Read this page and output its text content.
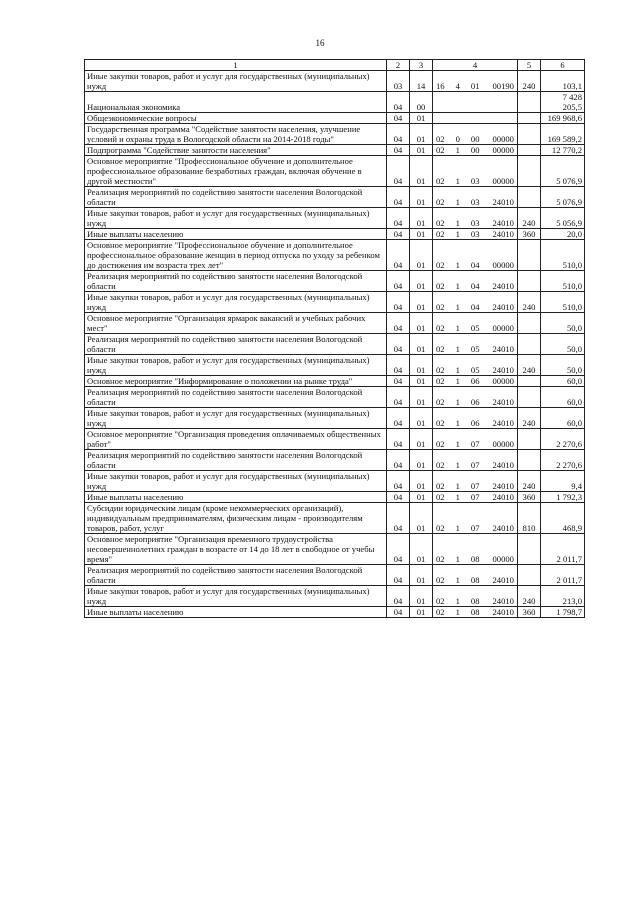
16
1	2	3	4	5	6
Иные закупки товаров, работ и услуг для государственных (муниципальных) нужд	03	14	16 4 01 00190	240	103,1
Национальная экономика	04	00			7 428 205,5
Общеэкономические вопросы	04	01			169 968,6
Государственная программа "Содействие занятости населения, улучшение условий и охраны труда в Вологодской области на 2014-2018 годы"	04	01	02 0 00 00000		169 589,2
Подпрограмма "Содействие занятости населения"	04	01	02 1 00 00000		12 770,2
Основное мероприятие "Профессиональное обучение и дополнительное профессиональное образование безработных граждан, включая обучение в другой местности"	04	01	02 1 03 00000		5 076,9
Реализация мероприятий по содействию занятости населения Вологодской области	04	01	02 1 03 24010		5 076,9
Иные закупки товаров, работ и услуг для государственных (муниципальных) нужд	04	01	02 1 03 24010	240	5 056,9
Иные выплаты населению	04	01	02 1 03 24010	360	20,0
Основное мероприятие "Профессиональное обучение и дополнительное профессиональное образование женщин в период отпуска по уходу за ребенком до достижения им возраста трех лет"	04	01	02 1 04 00000		510,0
Реализация мероприятий по содействию занятости населения Вологодской области	04	01	02 1 04 24010		510,0
Иные закупки товаров, работ и услуг для государственных (муниципальных) нужд	04	01	02 1 04 24010	240	510,0
Основное мероприятие "Организация ярмарок вакансий и учебных рабочих мест"	04	01	02 1 05 00000		50,0
Реализация мероприятий по содействию занятости населения Вологодской области	04	01	02 1 05 24010		50,0
Иные закупки товаров, работ и услуг для государственных (муниципальных) нужд	04	01	02 1 05 24010	240	50,0
Основное мероприятие "Информирование о положении на рынке труда"	04	01	02 1 06 00000		60,0
Реализация мероприятий по содействию занятости населения Вологодской области	04	01	02 1 06 24010		60,0
Иные закупки товаров, работ и услуг для государственных (муниципальных) нужд	04	01	02 1 06 24010	240	60,0
Основное мероприятие "Организация проведения оплачиваемых общественных работ"	04	01	02 1 07 00000		2 270,6
Реализация мероприятий по содействию занятости населения Вологодской области	04	01	02 1 07 24010		2 270,6
Иные закупки товаров, работ и услуг для государственных (муниципальных) нужд	04	01	02 1 07 24010	240	9,4
Иные выплаты населению	04	01	02 1 07 24010	360	1 792,3
Субсидии юридическим лицам (кроме некоммерческих организаций), индивидуальным предпринимателям, физическим лицам - производителям товаров, работ, услуг	04	01	02 1 07 24010	810	468,9
Основное мероприятие "Организация временного трудоустройства несовершеннолетних граждан в возрасте от 14 до 18 лет в свободное от учебы время"	04	01	02 1 08 00000		2 011,7
Реализация мероприятий по содействию занятости населения Вологодской области	04	01	02 1 08 24010		2 011,7
Иные закупки товаров, работ и услуг для государственных (муниципальных) нужд	04	01	02 1 08 24010	240	213,0
Иные выплаты населению	04	01	02 1 08 24010	360	1 798,7
